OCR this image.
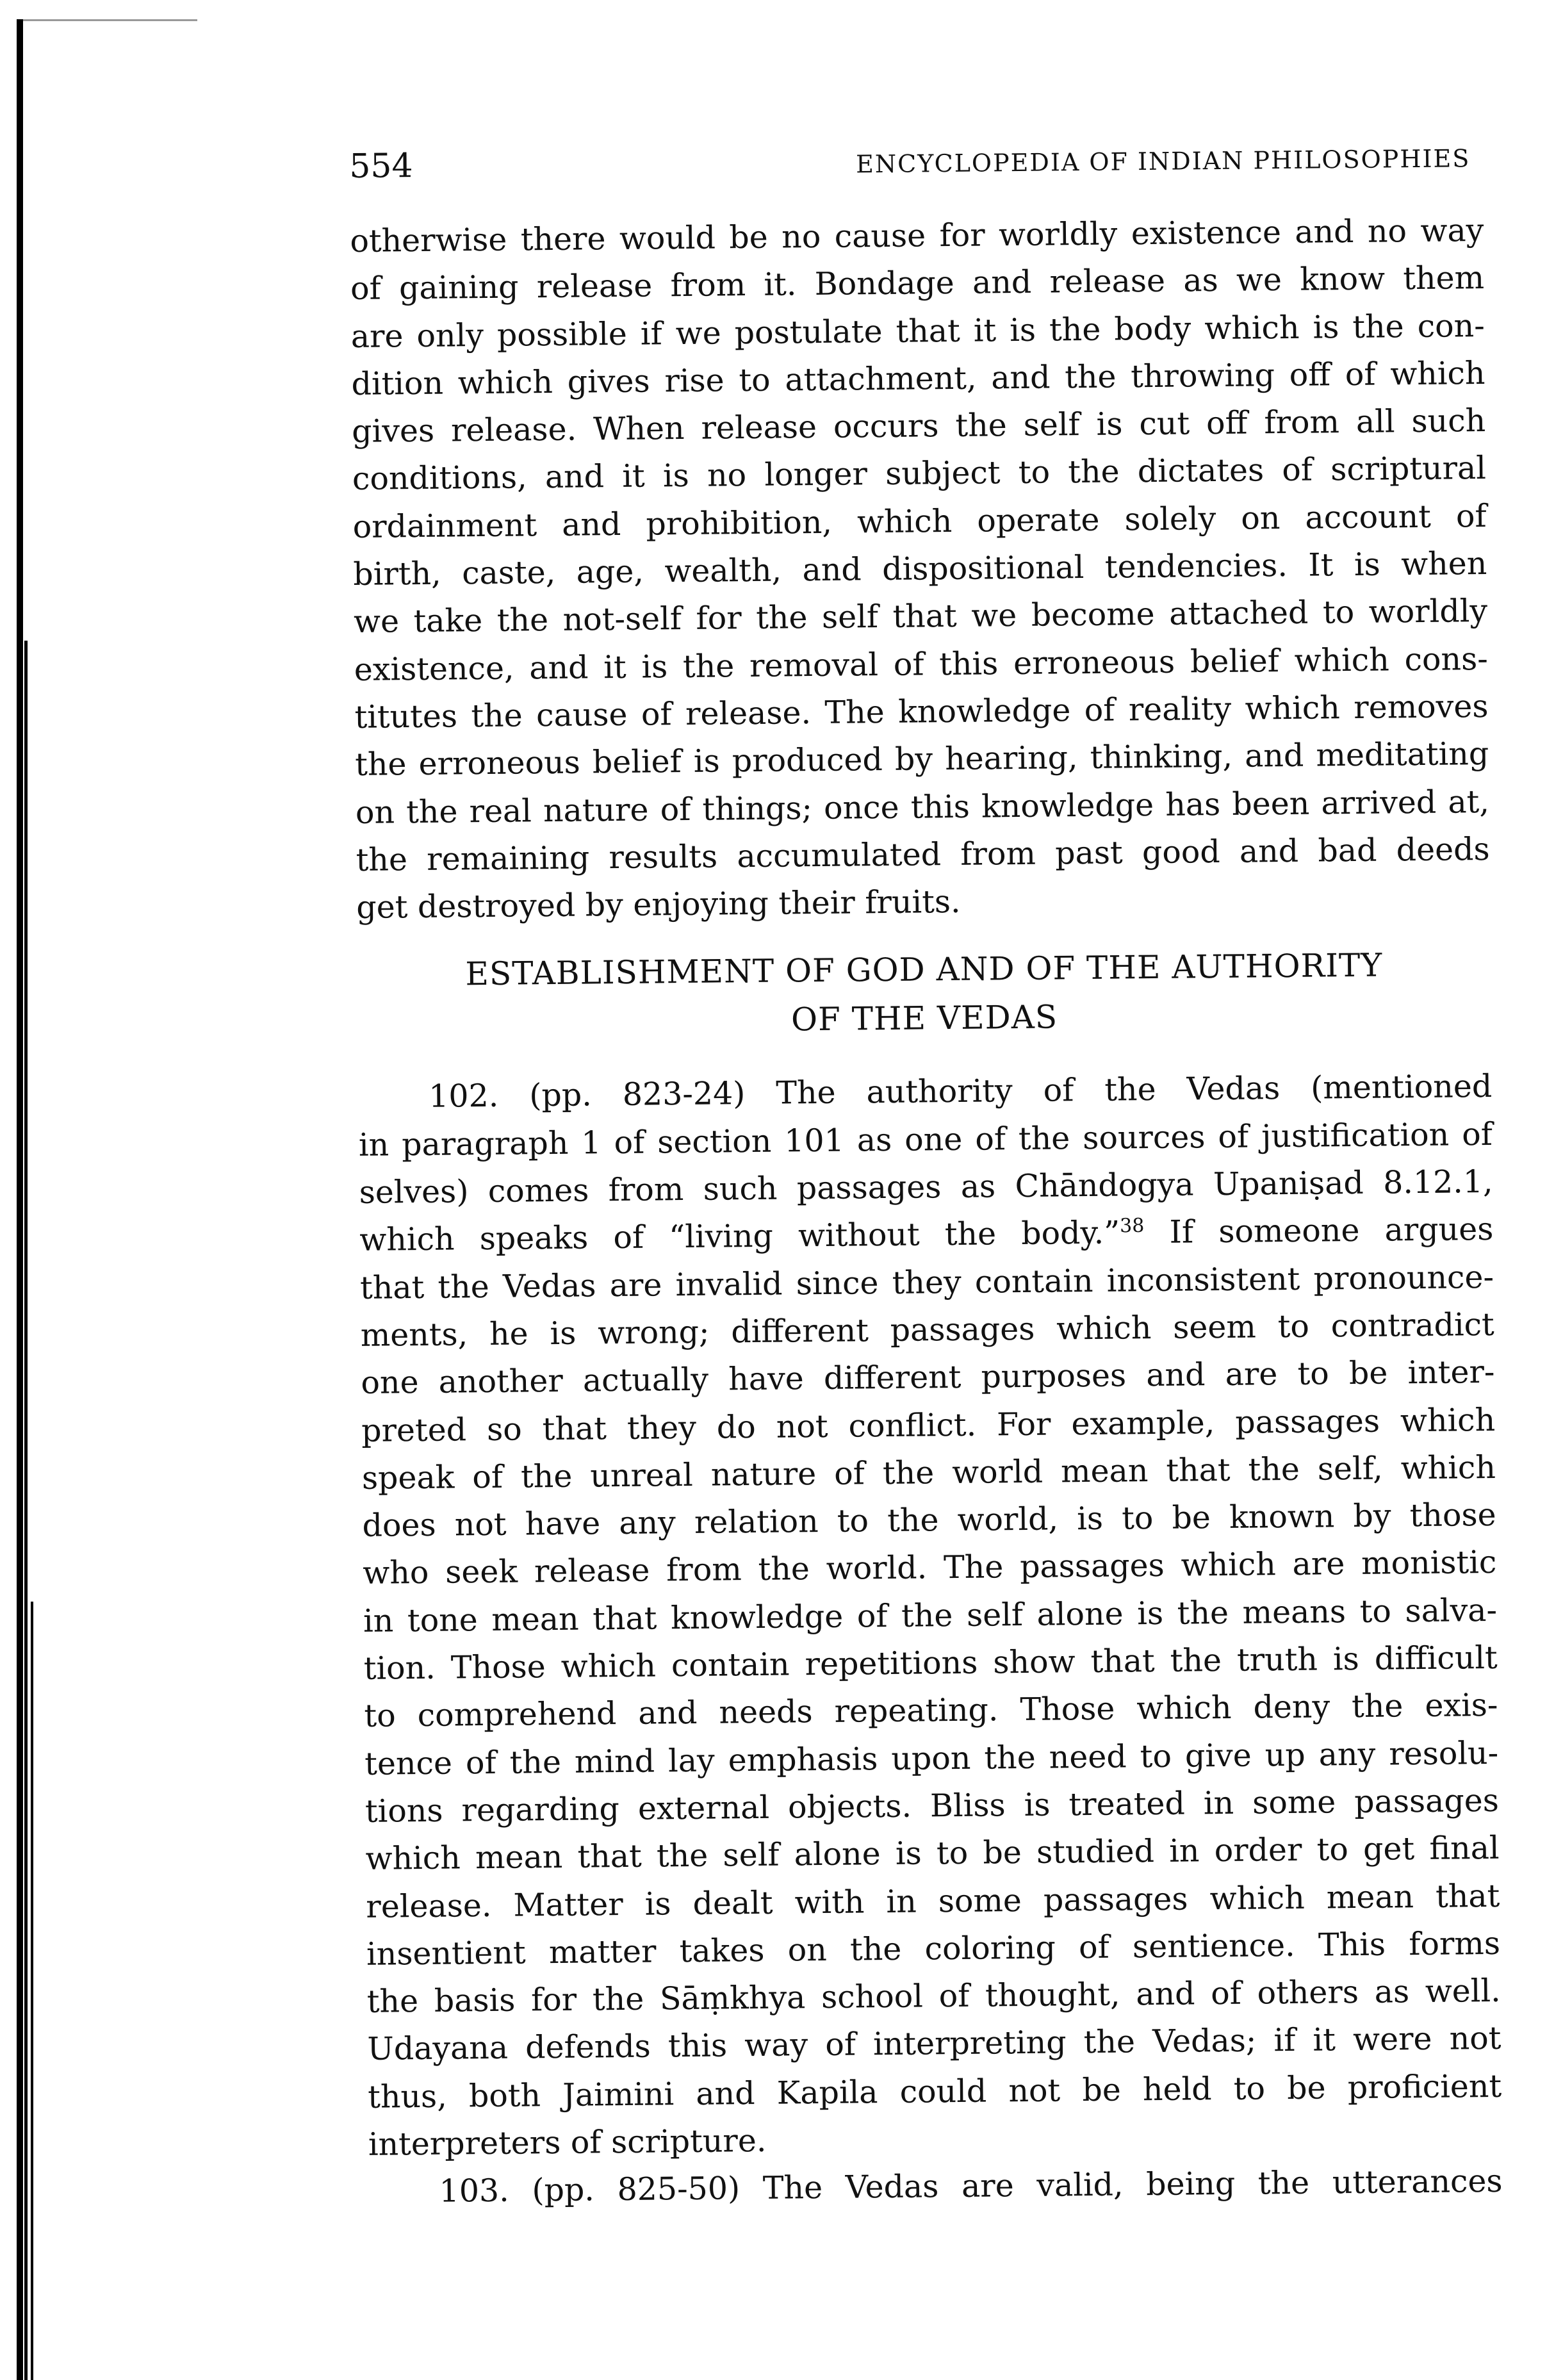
554	ENCYCLOPEDIA OF INDIAN PHILOSOPHIES
otherwise there would be no cause for worldly existence and no way
of gaining release from it. Bondage and release as we know them
are only possible if we postulate that it is the body which is the con-
dition which gives rise to attachment, and the throwing off of which
gives release. When release occurs the self is cut off from all such
conditions, and it is no longer subject to the dictates of scriptural
ordainment and prohibition, which operate solely on account of
birth, caste, age, wealth, and dispositional tendencies. It is when
we take the not-self for the self that we become attached to worldly
existence, and it is the removal of this erroneous belief which cons-
titutes the cause of release. The knowledge of reality which removes
the erroneous belief is produced by hearing, thinking, and meditating
on the real nature of things; once this knowledge has been arrived at,
the remaining results accumulated from past good and bad deeds
get destroyed by enjoying their fruits.
ESTABLISHMENT OF GOD AND OF THE AUTHORITY
OF THE VEDAS
102. (pp. 823-24) The authority of the Vedas (mentioned
in paragraph 1 of section 101 as one of the sources of justification of
selves) comes from such passages as Chāndogya Upaniṣad 8.12.1,
which speaks of “living without the body.”$^{38}$ If someone argues
that the Vedas are invalid since they contain inconsistent pronounce-
ments, he is wrong; different passages which seem to contradict
one another actually have different purposes and are to be inter-
preted so that they do not conflict. For example, passages which
speak of the unreal nature of the world mean that the self, which
does not have any relation to the world, is to be known by those
who seek release from the world. The passages which are monistic
in tone mean that knowledge of the self alone is the means to salva-
tion. Those which contain repetitions show that the truth is difficult
to comprehend and needs repeating. Those which deny the exis-
tence of the mind lay emphasis upon the need to give up any resolu-
tions regarding external objects. Bliss is treated in some passages
which mean that the self alone is to be studied in order to get final
release. Matter is dealt with in some passages which mean that
insentient matter takes on the coloring of sentience. This forms
the basis for the Sāṃkhya school of thought, and of others as well.
Udayana defends this way of interpreting the Vedas; if it were not
thus, both Jaimini and Kapila could not be held to be proficient
interpreters of scripture.
103. (pp. 825-50) The Vedas are valid, being the utterances
